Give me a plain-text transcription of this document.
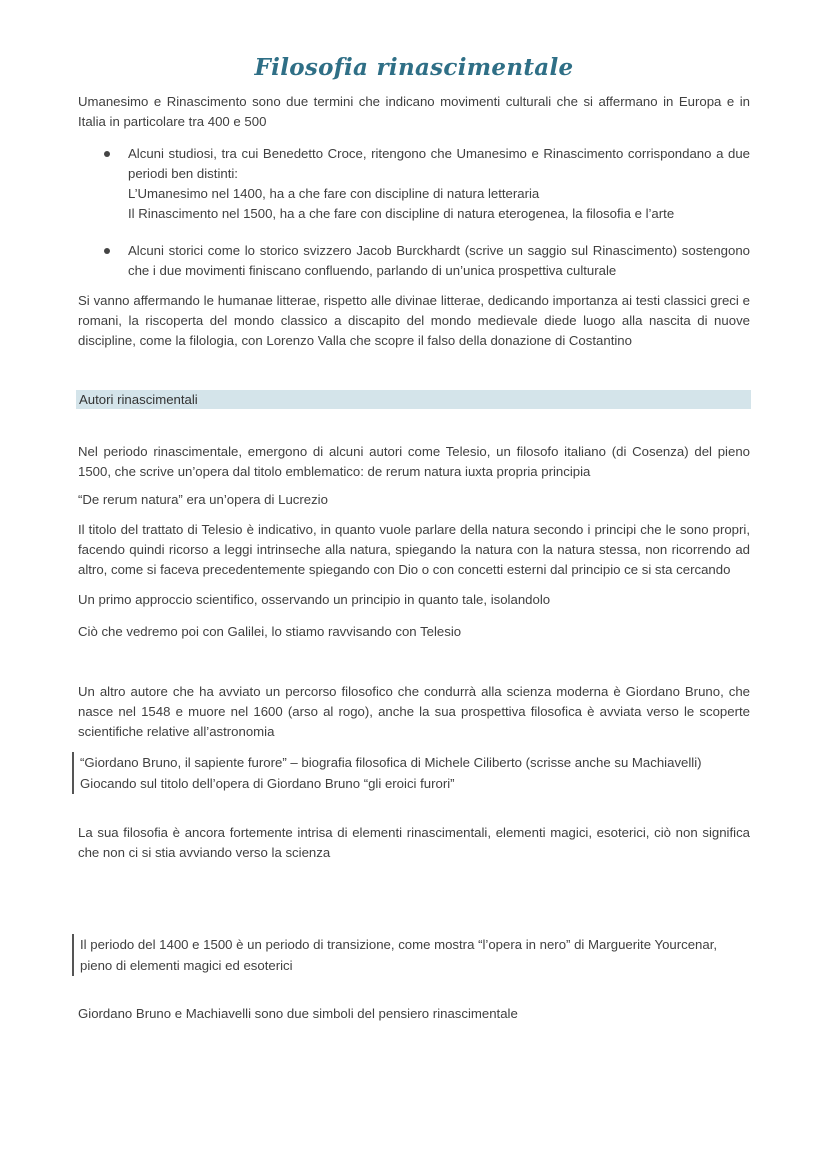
Filosofia rinascimentale
Umanesimo e Rinascimento sono due termini che indicano movimenti culturali che si affermano in Europa e in Italia in particolare tra 400 e 500
Alcuni studiosi, tra cui Benedetto Croce, ritengono che Umanesimo e Rinascimento corrispondano a due periodi ben distinti:
L’Umanesimo nel 1400, ha a che fare con discipline di natura letteraria
Il Rinascimento nel 1500, ha a che fare con discipline di natura eterogenea, la filosofia e l’arte
Alcuni storici come lo storico svizzero Jacob Burckhardt (scrive un saggio sul Rinascimento) sostengono che i due movimenti finiscano confluendo, parlando di un’unica prospettiva culturale
Si vanno affermando le humanae litterae, rispetto alle divinae litterae, dedicando importanza ai testi classici greci e romani, la riscoperta del mondo classico a discapito del mondo medievale diede luogo alla nascita di nuove discipline, come la filologia, con Lorenzo Valla che scopre il falso della donazione di Costantino
Autori rinascimentali
Nel periodo rinascimentale, emergono di alcuni autori come Telesio, un filosofo italiano (di Cosenza) del pieno 1500, che scrive un’opera dal titolo emblematico: de rerum natura iuxta propria principia
“De rerum natura” era un’opera di Lucrezio
Il titolo del trattato di Telesio è indicativo, in quanto vuole parlare della natura secondo i principi che le sono propri, facendo quindi ricorso a leggi intrinseche alla natura, spiegando la natura con la natura stessa, non ricorrendo ad altro, come si faceva precedentemente spiegando con Dio o con concetti esterni dal principio ce si sta cercando
Un primo approccio scientifico, osservando un principio in quanto tale, isolandolo
Ciò che vedremo poi con Galilei, lo stiamo ravvisando con Telesio
Un altro autore che ha avviato un percorso filosofico che condurrà alla scienza moderna è Giordano Bruno, che nasce nel 1548 e muore nel 1600 (arso al rogo), anche la sua prospettiva filosofica è avviata verso le scoperte scientifiche relative all’astronomia
“Giordano Bruno, il sapiente furore” – biografia filosofica di Michele Ciliberto (scrisse anche su Machiavelli)
Giocando sul titolo dell’opera di Giordano Bruno “gli eroici furori”
La sua filosofia è ancora fortemente intrisa di elementi rinascimentali, elementi magici, esoterici, ciò non significa che non ci si stia avviando verso la scienza
Il periodo del 1400 e 1500 è un periodo di transizione, come mostra “l’opera in nero” di Marguerite Yourcenar,
pieno di elementi magici ed esoterici
Giordano Bruno e Machiavelli sono due simboli del pensiero rinascimentale
